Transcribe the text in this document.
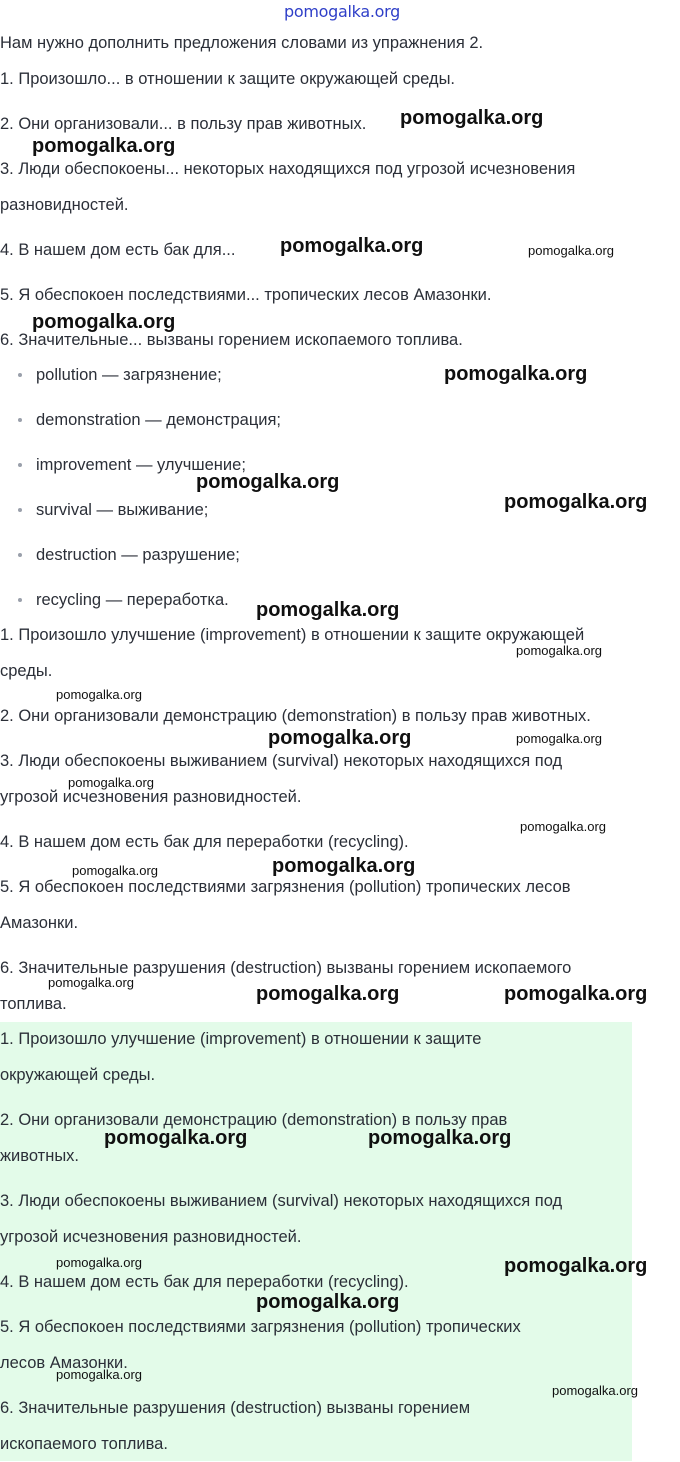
pomogalka.org

Нам нужно дополнить предложения словами из упражнения 2.

1. Произошло... в отношении к защите окружающей среды.

2. Они организовали... в пользу прав животных.

3. Люди обеспокоены... некоторых находящихся под угрозой исчезновения

разновидностей.

4. В нашем дом есть бак для...

5. Я обеспокоен последствиями... тропических лесов Амазонки.

6. Значительные... вызваны горением ископаемого топлива.

pollution — загрязнение;
demonstration — демонстрация;
improvement — улучшение;
survival — выживание;
destruction — разрушение;
recycling — переработка.

1. Произошло улучшение (improvement) в отношении к защите окружающей

среды.

2. Они организовали демонстрацию (demonstration) в пользу прав животных.

3. Люди обеспокоены выживанием (survival) некоторых находящихся под

угрозой исчезновения разновидностей.

4. В нашем дом есть бак для переработки (recycling).

5. Я обеспокоен последствиями загрязнения (pollution) тропических лесов

Амазонки.

6. Значительные разрушения (destruction) вызваны горением ископаемого

топлива.

1. Произошло улучшение (improvement) в отношении к защите

окружающей среды.

2. Они организовали демонстрацию (demonstration) в пользу прав

животных.

3. Люди обеспокоены выживанием (survival) некоторых находящихся под

угрозой исчезновения разновидностей.

4. В нашем дом есть бак для переработки (recycling).

5. Я обеспокоен последствиями загрязнения (pollution) тропических

лесов Амазонки.

6. Значительные разрушения (destruction) вызваны горением

ископаемого топлива.

pomogalka.org
pomogalka.org
pomogalka.org	pomogalka.org
pomogalka.org
pomogalka.org
pomogalka.org
pomogalka.org
pomogalka.org
pomogalka.org
pomogalka.org
pomogalka.org	pomogalka.org
pomogalka.org
pomogalka.org
pomogalka.org	pomogalka.org
pomogalka.org
pomogalka.org	pomogalka.org
pomogalka.org	pomogalka.org
pomogalka.org	pomogalka.org
pomogalka.org
pomogalka.org
pomogalka.org
